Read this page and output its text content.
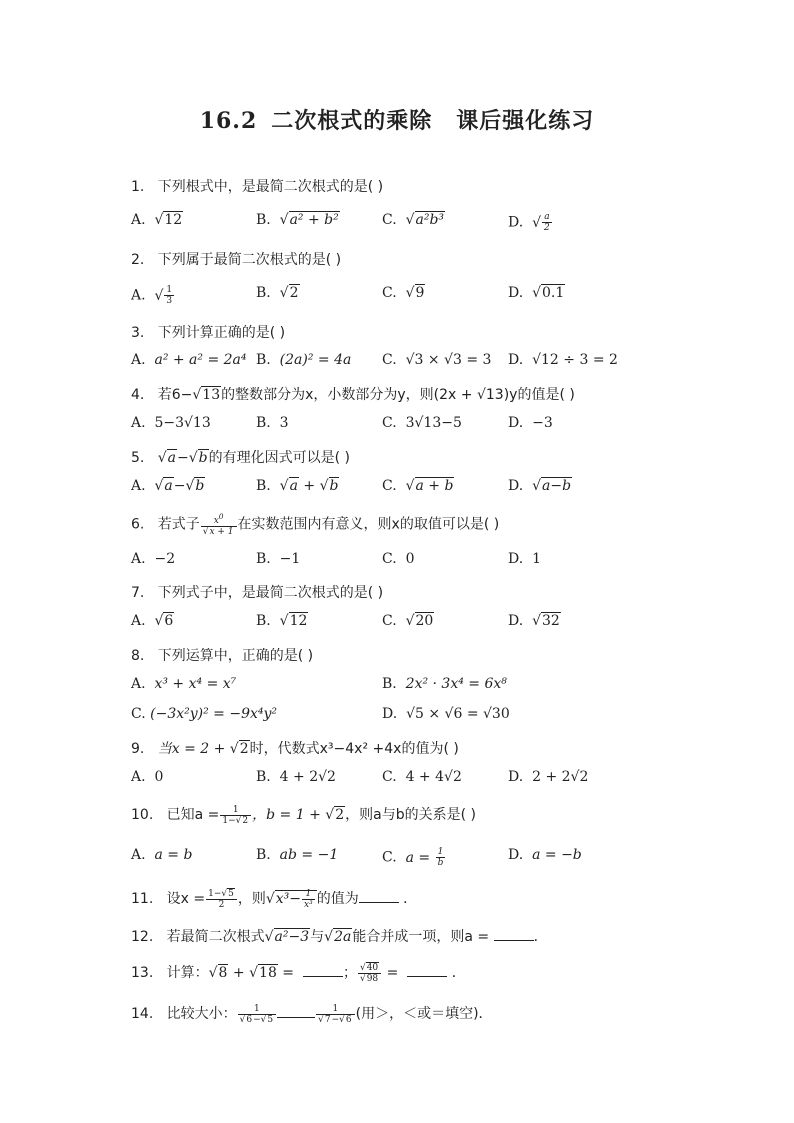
16.2 二次根式的乘除 课后强化练习
1. 下列根式中，是最简二次根式的是( )
A. √12	B. √a² + b²	C. √a²b³	D. √ $\frac{a}{2}$
2. 下列属于最简二次根式的是( )
A. √ $\frac{1}{3}$	B. √2	C. √9	D. √0.1
3. 下列计算正确的是( )
A. a² + a² = 2a⁴ B. (2a)² = 4a C. √3 × √3 = 3 D. √12 ÷ 3 = 2
4. 若6−√13的整数部分为x，小数部分为y，则(2x + √13)y的值是( )
A. 5−3√13	B. 3	C. 3√13−5	D. −3
5. √a−√b的有理化因式可以是( )
A. √a−√b	B. √a + √b	C. √a + b	D. √a−b
6. 若式子 $\frac{x^0}{√x + 1}$ 在实数范围内有意义，则x的取值可以是( )
A. −2	B. −1	C. 0	D. 1
7. 下列式子中，是最简二次根式的是( )
A. √6	B. √12	C. √20	D. √32
8. 下列运算中，正确的是( )
A. x³ + x⁴ = x⁷	B. 2x² · 3x⁴ = 6x⁸
C. (−3x²y)² = −9x⁴y²	D. √5 × √6 = √30
9. 当x = 2 + √2时，代数式x³−4x² +4x的值为( )
A. 0	B. 4 + 2√2	C. 4 + 4√2	D. 2 + 2√2
10. 已知$a = \frac{1}{1-√2}$ ，b = 1 + √2，则a与b的关系是( )
A. a = b	B. ab = −1	C. $a = \frac{1}{b}$	D. a = −b
11. 设$x = \frac{1-√5}{2}$ ，则$√x^3- \frac{1}{\text{x³}}$ 的值为	．
12. 若最简二次根式√a²−3与√2a能合并成一项，则a =	．
13. 计算：√8 + √18 =	； $\frac{√40}{√98}$ =	．
14. 比较大小： $\frac{1}{√6-√5}$	$\frac{1}{√7-√6}$ (用＞，＜或＝填空)．
